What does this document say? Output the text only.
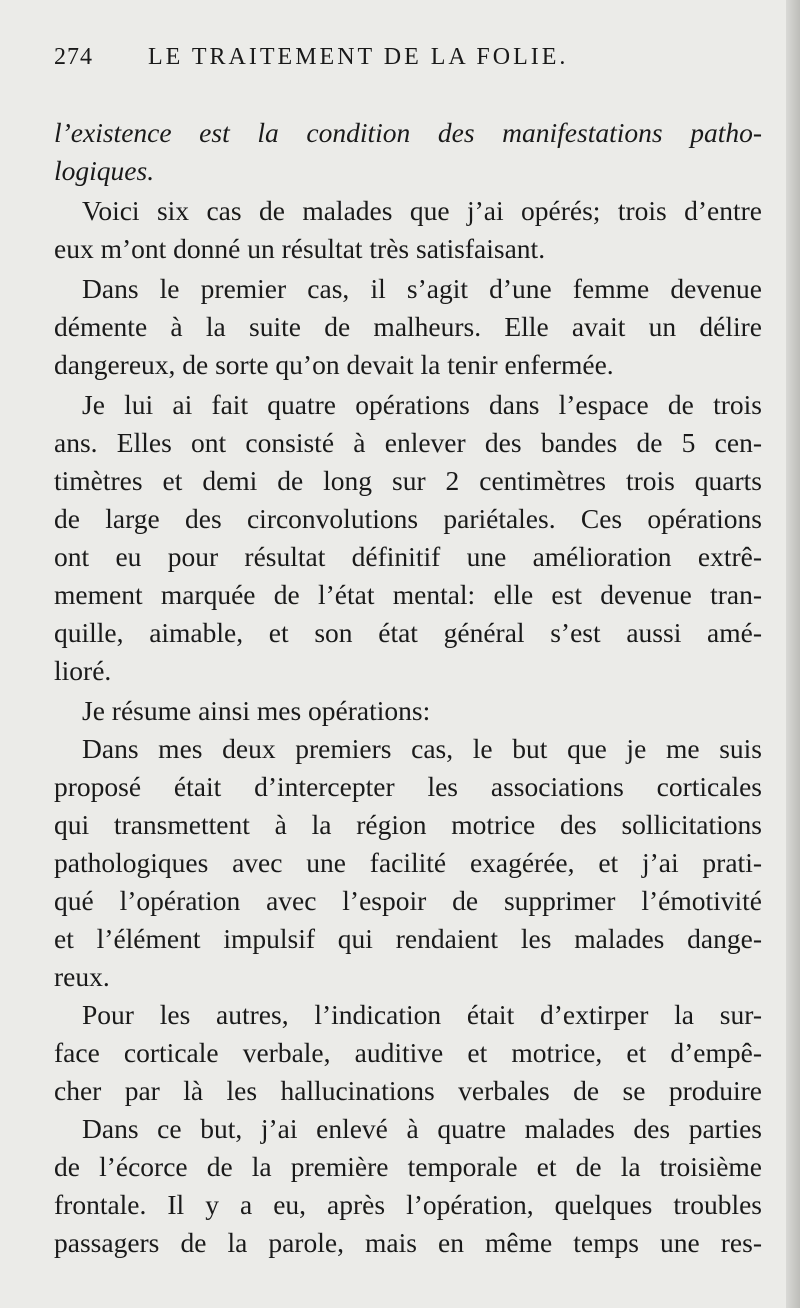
274 LE TRAITEMENT DE LA FOLIE.
l’existence est la condition des manifestations patho-
logiques.
Voici six cas de malades que j’ai opérés; trois d’entre
eux m’ont donné un résultat très satisfaisant.
Dans le premier cas, il s’agit d’une femme devenue
démente à la suite de malheurs. Elle avait un délire
dangereux, de sorte qu’on devait la tenir enfermée.
Je lui ai fait quatre opérations dans l’espace de trois
ans. Elles ont consisté à enlever des bandes de 5 cen-
timètres et demi de long sur 2 centimètres trois quarts
de large des circonvolutions pariétales. Ces opérations
ont eu pour résultat définitif une amélioration extrê-
mement marquée de l’état mental: elle est devenue tran-
quille, aimable, et son état général s’est aussi amé-
lioré.
Je résume ainsi mes opérations:
Dans mes deux premiers cas, le but que je me suis
proposé était d’intercepter les associations corticales
qui transmettent à la région motrice des sollicitations
pathologiques avec une facilité exagérée, et j’ai prati-
qué l’opération avec l’espoir de supprimer l’émotivité
et l’élément impulsif qui rendaient les malades dange-
reux.
Pour les autres, l’indication était d’extirper la sur-
face corticale verbale, auditive et motrice, et d’empê-
cher par là les hallucinations verbales de se produire
Dans ce but, j’ai enlevé à quatre malades des parties
de l’écorce de la première temporale et de la troisième
frontale. Il y a eu, après l’opération, quelques troubles
passagers de la parole, mais en même temps une res-
